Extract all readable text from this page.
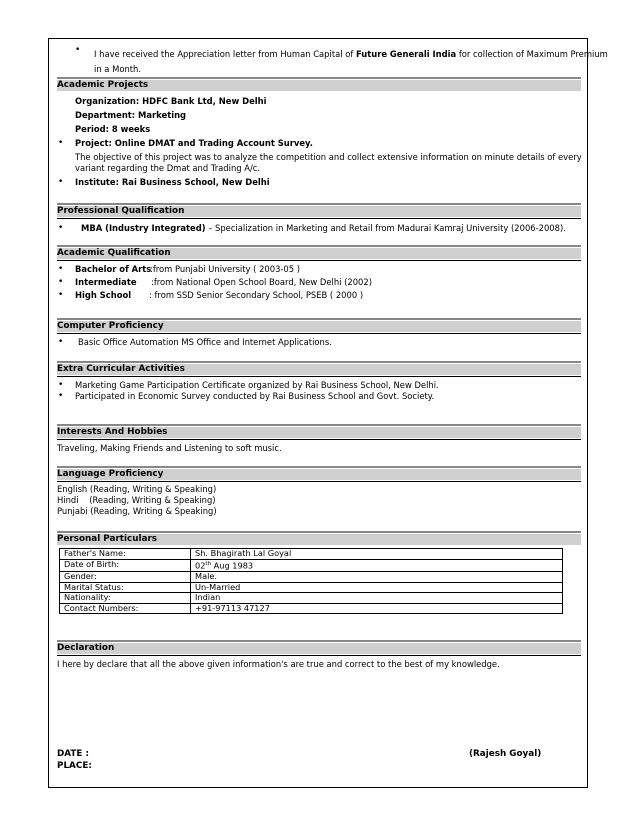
• I have received the Appreciation letter from Human Capital of Future Generali India for collection of Maximum Premium
in a Month.
Academic Projects
Organization: HDFC Bank Ltd, New Delhi
Department: Marketing
Period: 8 weeks
• Project: Online DMAT and Trading Account Survey.
The objective of this project was to analyze the competition and collect extensive information on minute details of every
variant regarding the Dmat and Trading A/c.
• Institute: Rai Business School, New Delhi
Professional Qualification
• MBA (Industry Integrated) – Specialization in Marketing and Retail from Madurai Kamraj University (2006-2008).
Academic Qualification
• Bachelor of Arts
:from Punjabi University ( 2003-05 )
• Intermediate :from National Open School Board, New Delhi (2002)
• High School : from SSD Senior Secondary School, PSEB ( 2000 )
Computer Proficiency
• Basic Office Automation MS Office and Internet Applications.
Extra Curricular Activities
• Marketing Game Participation Certificate organized by Rai Business School, New Delhi.
• Participated in Economic Survey conducted by Rai Business School and Govt. Society.
Interests And Hobbies
Traveling, Making Friends and Listening to soft music.
Language Proficiency
English (Reading, Writing & Speaking)
Hindi    (Reading, Writing & Speaking)
Punjabi (Reading, Writing & Speaking)
Personal Particulars
Father's Name:	Sh. Bhagirath Lal Goyal
Date of Birth:	02th Aug 1983
Gender:	Male.
Marital Status:	Un-Married
Nationality:	Indian
Contact Numbers:	+91-97113 47127
Declaration
I here by declare that all the above given information's are true and correct to the best of my knowledge.
DATE :
PLACE:
(Rajesh Goyal)
